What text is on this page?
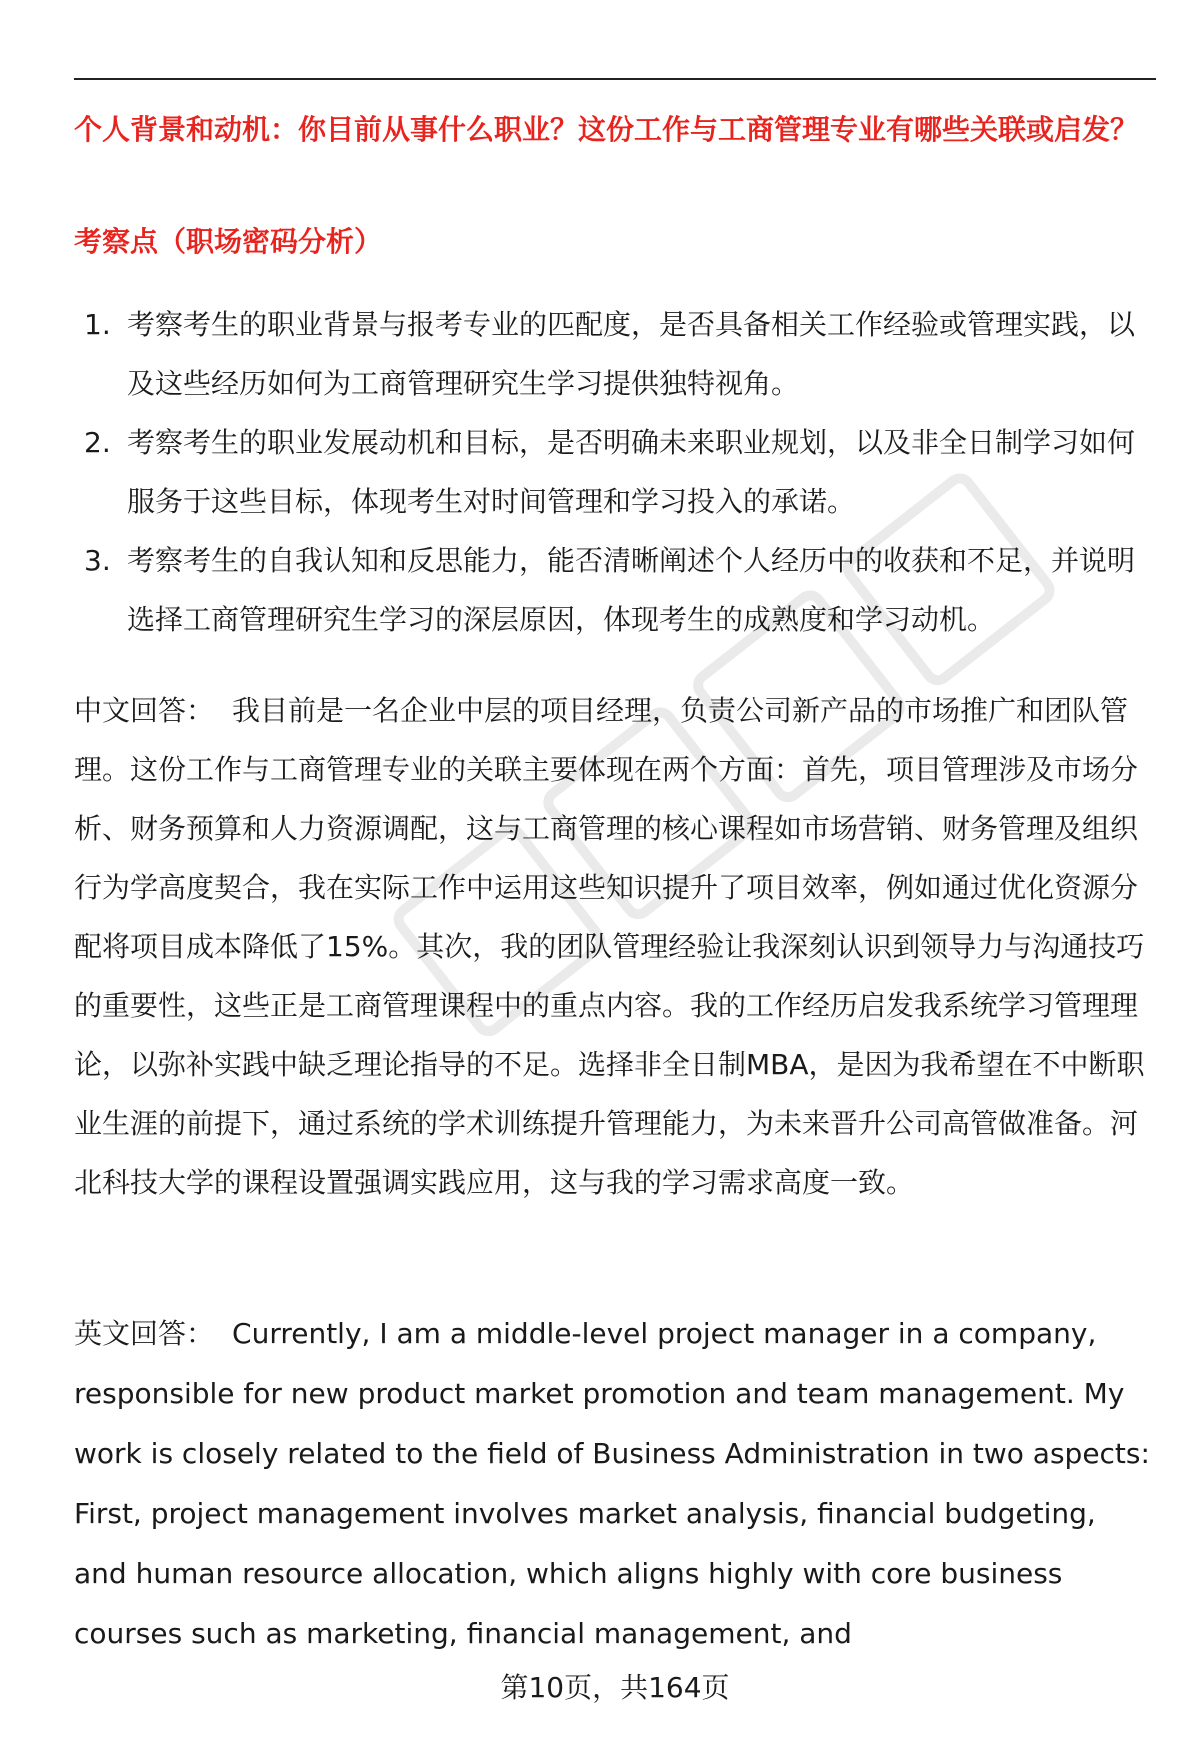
个人背景和动机：你目前从事什么职业？这份工作与工商管理专业有哪些关联或启发？
考察点（职场密码分析）
1. 考察考生的职业背景与报考专业的匹配度，是否具备相关工作经验或管理实践，以及这些经历如何为工商管理研究生学习提供独特视角。
2. 考察考生的职业发展动机和目标，是否明确未来职业规划，以及非全日制学习如何服务于这些目标，体现考生对时间管理和学习投入的承诺。
3. 考察考生的自我认知和反思能力，能否清晰阐述个人经历中的收获和不足，并说明选择工商管理研究生学习的深层原因，体现考生的成熟度和学习动机。

中文回答： 我目前是一名企业中层的项目经理，负责公司新产品的市场推广和团队管理。这份工作与工商管理专业的关联主要体现在两个方面：首先，项目管理涉及市场分析、财务预算和人力资源调配，这与工商管理的核心课程如市场营销、财务管理及组织行为学高度契合，我在实际工作中运用这些知识提升了项目效率，例如通过优化资源分配将项目成本降低了15%。其次，我的团队管理经验让我深刻认识到领导力与沟通技巧的重要性，这些正是工商管理课程中的重点内容。我的工作经历启发我系统学习管理理论，以弥补实践中缺乏理论指导的不足。选择非全日制MBA，是因为我希望在不中断职业生涯的前提下，通过系统的学术训练提升管理能力，为未来晋升公司高管做准备。河北科技大学的课程设置强调实践应用，这与我的学习需求高度一致。

英文回答： Currently, I am a middle-level project manager in a company, responsible for new product market promotion and team management. My work is closely related to the field of Business Administration in two aspects: First, project management involves market analysis, financial budgeting, and human resource allocation, which aligns highly with core business courses such as marketing, financial management, and

第10页，共164页
